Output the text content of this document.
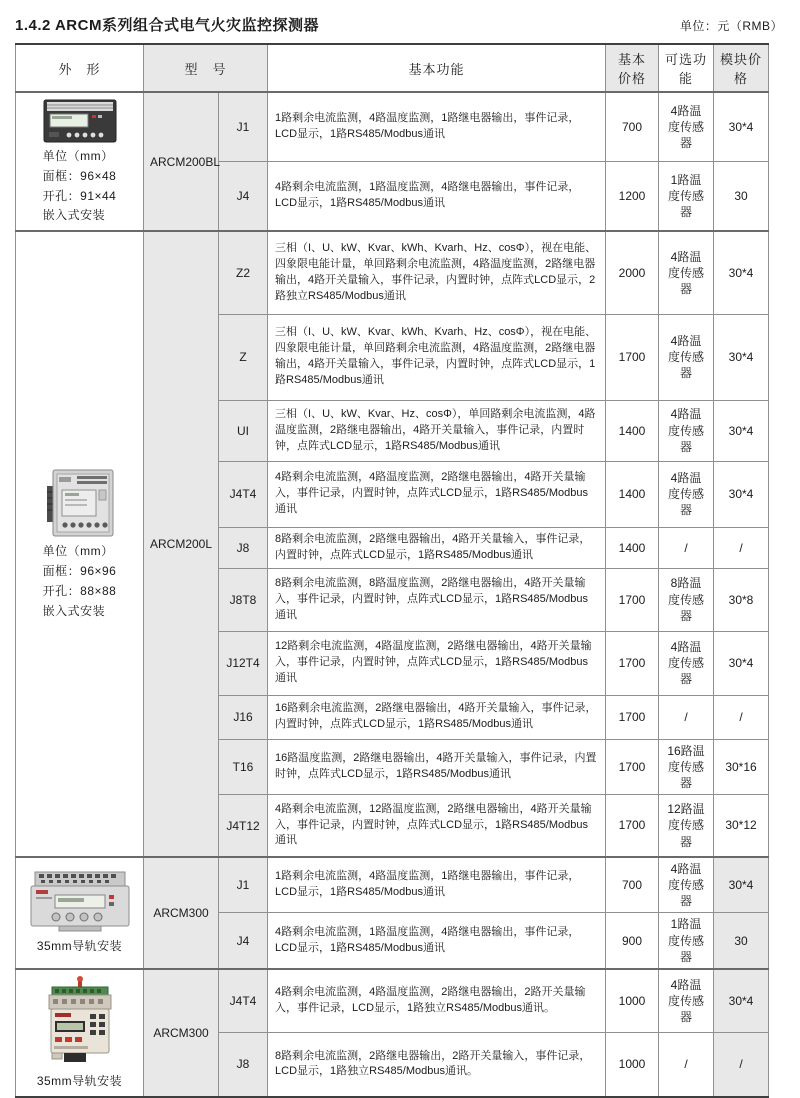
1.4.2 ARCM系列组合式电气火灾监控探测器	单位：元（RMB）
外　形	型　号		基本功能	基本价格	可选功能	模块价格

单位（mm）
面框：96×48
开孔：91×44
嵌入式安装	ARCM200BL	J1	1路剩余电流监测，4路温度监测，1路继电器输出，事件记录，LCD显示，1路RS485/Modbus通讯	700	4路温度传感器	30*4
		J4	4路剩余电流监测，1路温度监测，4路继电器输出，事件记录，LCD显示，1路RS485/Modbus通讯	1200	1路温度传感器	30

单位（mm）
面框：96×96
开孔：88×88
嵌入式安装	ARCM200L	Z2	三相（I、U、kW、Kvar、kWh、Kvarh、Hz、cosΦ），视在电能、四象限电能计量，单回路剩余电流监测，4路温度监测，2路继电器输出，4路开关量输入，事件记录，内置时钟，点阵式LCD显示，2路独立RS485/Modbus通讯	2000	4路温度传感器	30*4
		Z	三相（I、U、kW、Kvar、kWh、Kvarh、Hz、cosΦ），视在电能、四象限电能计量，单回路剩余电流监测，4路温度监测，2路继电器输出，4路开关量输入，事件记录，内置时钟，点阵式LCD显示，1路RS485/Modbus通讯	1700	4路温度传感器	30*4
		UI	三相（I、U、kW、Kvar、Hz、cosΦ），单回路剩余电流监测，4路温度监测，2路继电器输出，4路开关量输入，事件记录，内置时钟，点阵式LCD显示，1路RS485/Modbus通讯	1400	4路温度传感器	30*4
		J4T4	4路剩余电流监测，4路温度监测，2路继电器输出，4路开关量输入，事件记录，内置时钟，点阵式LCD显示，1路RS485/Modbus通讯	1400	4路温度传感器	30*4
		J8	8路剩余电流监测，2路继电器输出，4路开关量输入，事件记录，内置时钟，点阵式LCD显示，1路RS485/Modbus通讯	1400	/	/
		J8T8	8路剩余电流监测，8路温度监测，2路继电器输出，4路开关量输入，事件记录，内置时钟，点阵式LCD显示，1路RS485/Modbus通讯	1700	8路温度传感器	30*8
		J12T4	12路剩余电流监测，4路温度监测，2路继电器输出，4路开关量输入，事件记录，内置时钟，点阵式LCD显示，1路RS485/Modbus通讯	1700	4路温度传感器	30*4
		J16	16路剩余电流监测，2路继电器输出，4路开关量输入，事件记录，内置时钟，点阵式LCD显示，1路RS485/Modbus通讯	1700	/	/
		T16	16路温度监测，2路继电器输出，4路开关量输入，事件记录，内置时钟，点阵式LCD显示，1路RS485/Modbus通讯	1700	16路温度传感器	30*16
		J4T12	4路剩余电流监测，12路温度监测，2路继电器输出，4路开关量输入，事件记录，内置时钟，点阵式LCD显示，1路RS485/Modbus通讯	1700	12路温度传感器	30*12

35mm导轨安装	ARCM300	J1	1路剩余电流监测，4路温度监测，1路继电器输出，事件记录，LCD显示，1路RS485/Modbus通讯	700	4路温度传感器	30*4
		J4	4路剩余电流监测，1路温度监测，4路继电器输出，事件记录，LCD显示，1路RS485/Modbus通讯	900	1路温度传感器	30

35mm导轨安装	ARCM300	J4T4	4路剩余电流监测，4路温度监测，2路继电器输出，2路开关量输入，事件记录，LCD显示，1路独立RS485/Modbus通讯。	1000	4路温度传感器	30*4
		J8	8路剩余电流监测，2路继电器输出，2路开关量输入，事件记录，LCD显示，1路独立RS485/Modbus通讯。	1000	/	/
